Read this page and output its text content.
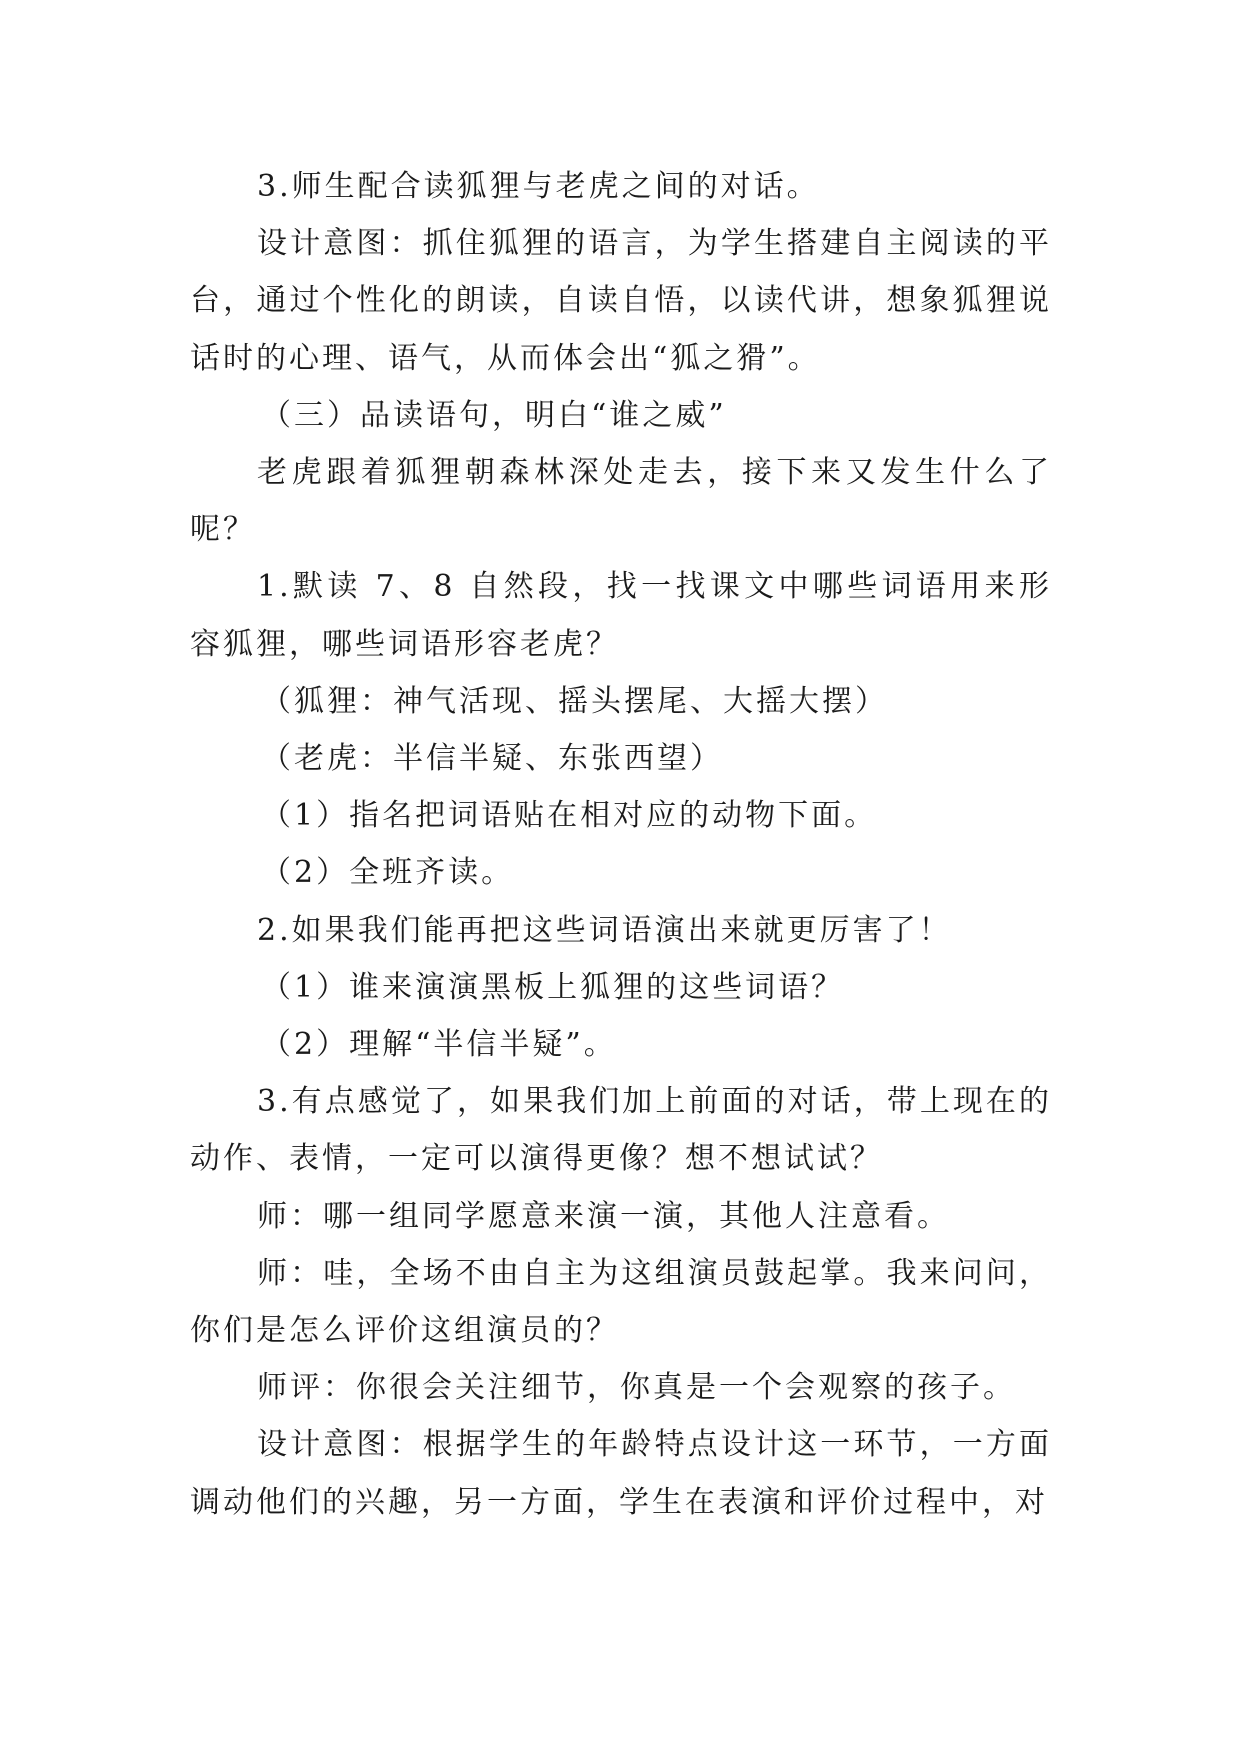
3.师生配合读狐狸与老虎之间的对话。

设计意图：抓住狐狸的语言，为学生搭建自主阅读的平台，通过个性化的朗读，自读自悟，以读代讲，想象狐狸说话时的心理、语气，从而体会出“狐之猾”。

（三）品读语句，明白“谁之威”

老虎跟着狐狸朝森林深处走去，接下来又发生什么了呢？

1.默读 7、8 自然段，找一找课文中哪些词语用来形容狐狸，哪些词语形容老虎？

（狐狸：神气活现、摇头摆尾、大摇大摆）

（老虎：半信半疑、东张西望）

（1）指名把词语贴在相对应的动物下面。

（2）全班齐读。

2.如果我们能再把这些词语演出来就更厉害了！

（1）谁来演演黑板上狐狸的这些词语？

（2）理解“半信半疑”。

3.有点感觉了，如果我们加上前面的对话，带上现在的动作、表情，一定可以演得更像？想不想试试？

师：哪一组同学愿意来演一演，其他人注意看。

师：哇，全场不由自主为这组演员鼓起掌。我来问问，你们是怎么评价这组演员的？

师评：你很会关注细节，你真是一个会观察的孩子。

设计意图：根据学生的年龄特点设计这一环节，一方面调动他们的兴趣，另一方面，学生在表演和评价过程中，对
